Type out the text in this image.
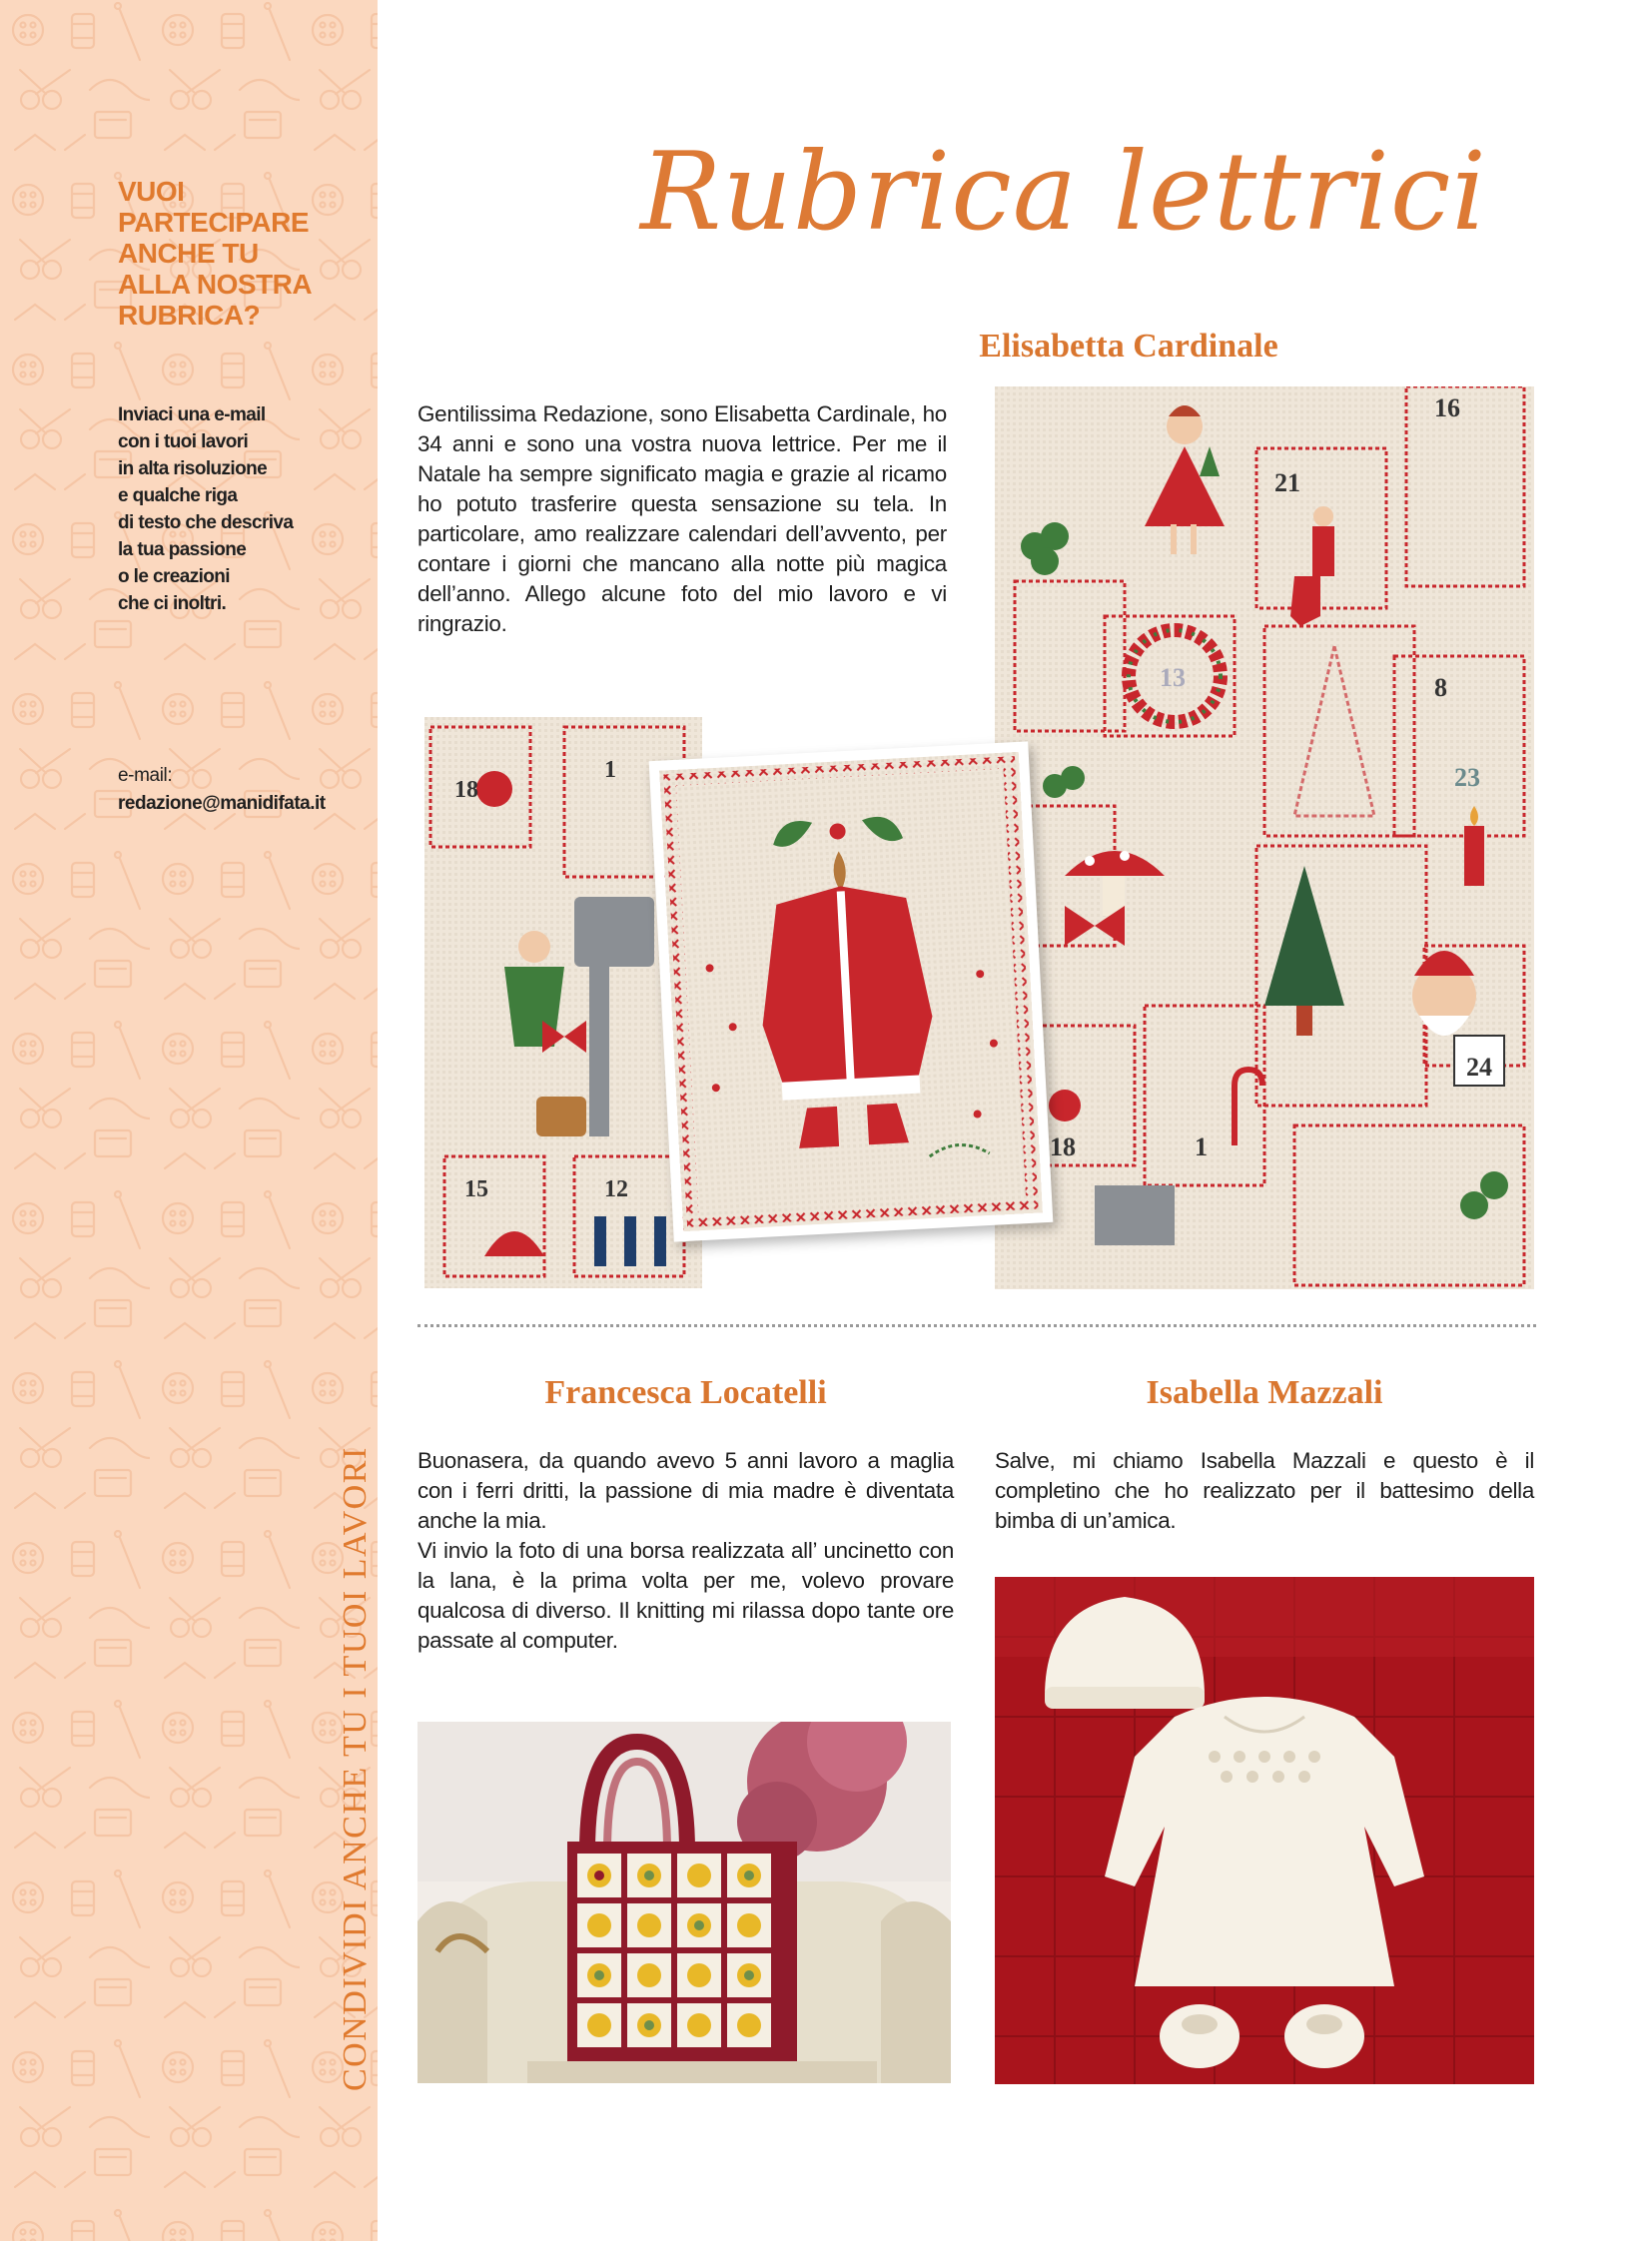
VUOI
PARTECIPARE
ANCHE TU
ALLA NOSTRA
RUBRICA?

Inviaci una e-mail
con i tuoi lavori
in alta risoluzione
e qualche riga
di testo che descriva
la tua passione
o le creazioni
che ci inoltri.

e-mail:
redazione@manidifata.it
CONDIVIDI ANCHE TU I TUOI LAVORI
Rubrica lettrici
Elisabetta Cardinale

Gentilissima Redazione, sono Elisabetta Cardinale, ho 34 anni e sono una vostra nuova lettrice. Per me il Natale ha sempre significato magia e grazie al ricamo ho potuto trasferire questa sensazione su tela. In particolare, amo realizzare calendari dell’avvento, per contare i giorni che mancano alla notte più magica dell’anno. Allego alcune foto del mio lavoro e vi ringrazio.

16
21
13	8
23
24
18	1
18
1
12
15
Francesca Locatelli
Buonasera, da quando avevo 5 anni lavoro a maglia con i ferri dritti, la passione di mia madre è diventata anche la mia.
Vi invio la foto di una borsa realizzata all’ uncinetto con la lana, è la prima volta per me, volevo provare qualcosa di diverso. Il knitting mi rilassa dopo tante ore passate al computer.
Isabella Mazzali

Salve, mi chiamo Isabella Mazzali e questo è il completino che ho realizzato per il battesimo della bimba di un’amica.
